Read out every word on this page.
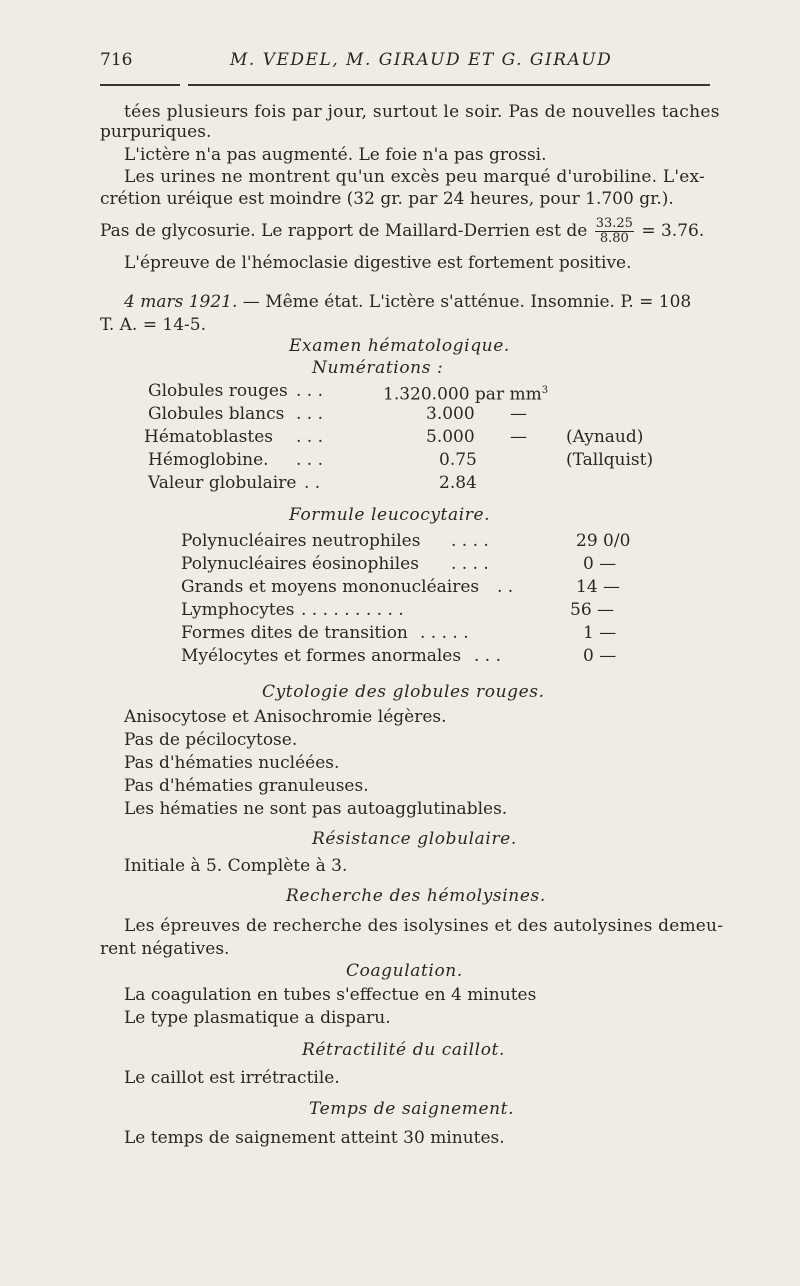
716	M. VEDEL, M. GIRAUD ET G. GIRAUD
tées plusieurs fois par jour, surtout le soir. Pas de nouvelles taches
purpuriques.
L'ictère n'a pas augmenté. Le foie n'a pas grossi.
Les urines ne montrent qu'un excès peu marqué d'urobiline. L'ex-
crétion uréique est moindre (32 gr. par 24 heures, pour 1.700 gr.).
Pas de glycosurie. Le rapport de Maillard-Derrien est de $\frac{33.25}{8.80} = 3.76$.
L'épreuve de l'hémoclasie digestive est fortement positive.
4 mars 1921. — Même état. L'ictère s'atténue. Insomnie. P. = 108
T. A. = 14-5.
Examen hématologique.
Numérations :
Globules rouges . . .	1.320.000 par $mm^3$
Globules blancs . . .	3.000 —
Hématoblastes . . .	5.000 — (Aynaud)
Hémoglobine. . . .	0.75	(Tallquist)
Valeur globulaire . .	2.84
Formule leucocytaire.
Polynucléaires neutrophiles . . . .	29 0/0
Polynucléaires éosinophiles . . . .	0 —
Grands et moyens mononucléaires . .	14 —
Lymphocytes . . . . . . . . . .	56 —
Formes dites de transition . . . . .	1 —
Myélocytes et formes anormales . . .	0 —
Cytologie des globules rouges.
Anisocytose et Anisochromie légères.
Pas de pécilocytose.
Pas d'hématies nucléées.
Pas d'hématies granuleuses.
Les hématies ne sont pas autoagglutinables.
Résistance globulaire.
Initiale à 5. Complète à 3.
Recherche des hémolysines.
Les épreuves de recherche des isolysines et des autolysines demeu-
rent négatives.
Coagulation.
La coagulation en tubes s'effectue en 4 minutes
Le type plasmatique a disparu.
Rétractilité du caillot.
Le caillot est irrétractile.
Temps de saignement.
Le temps de saignement atteint 30 minutes.
